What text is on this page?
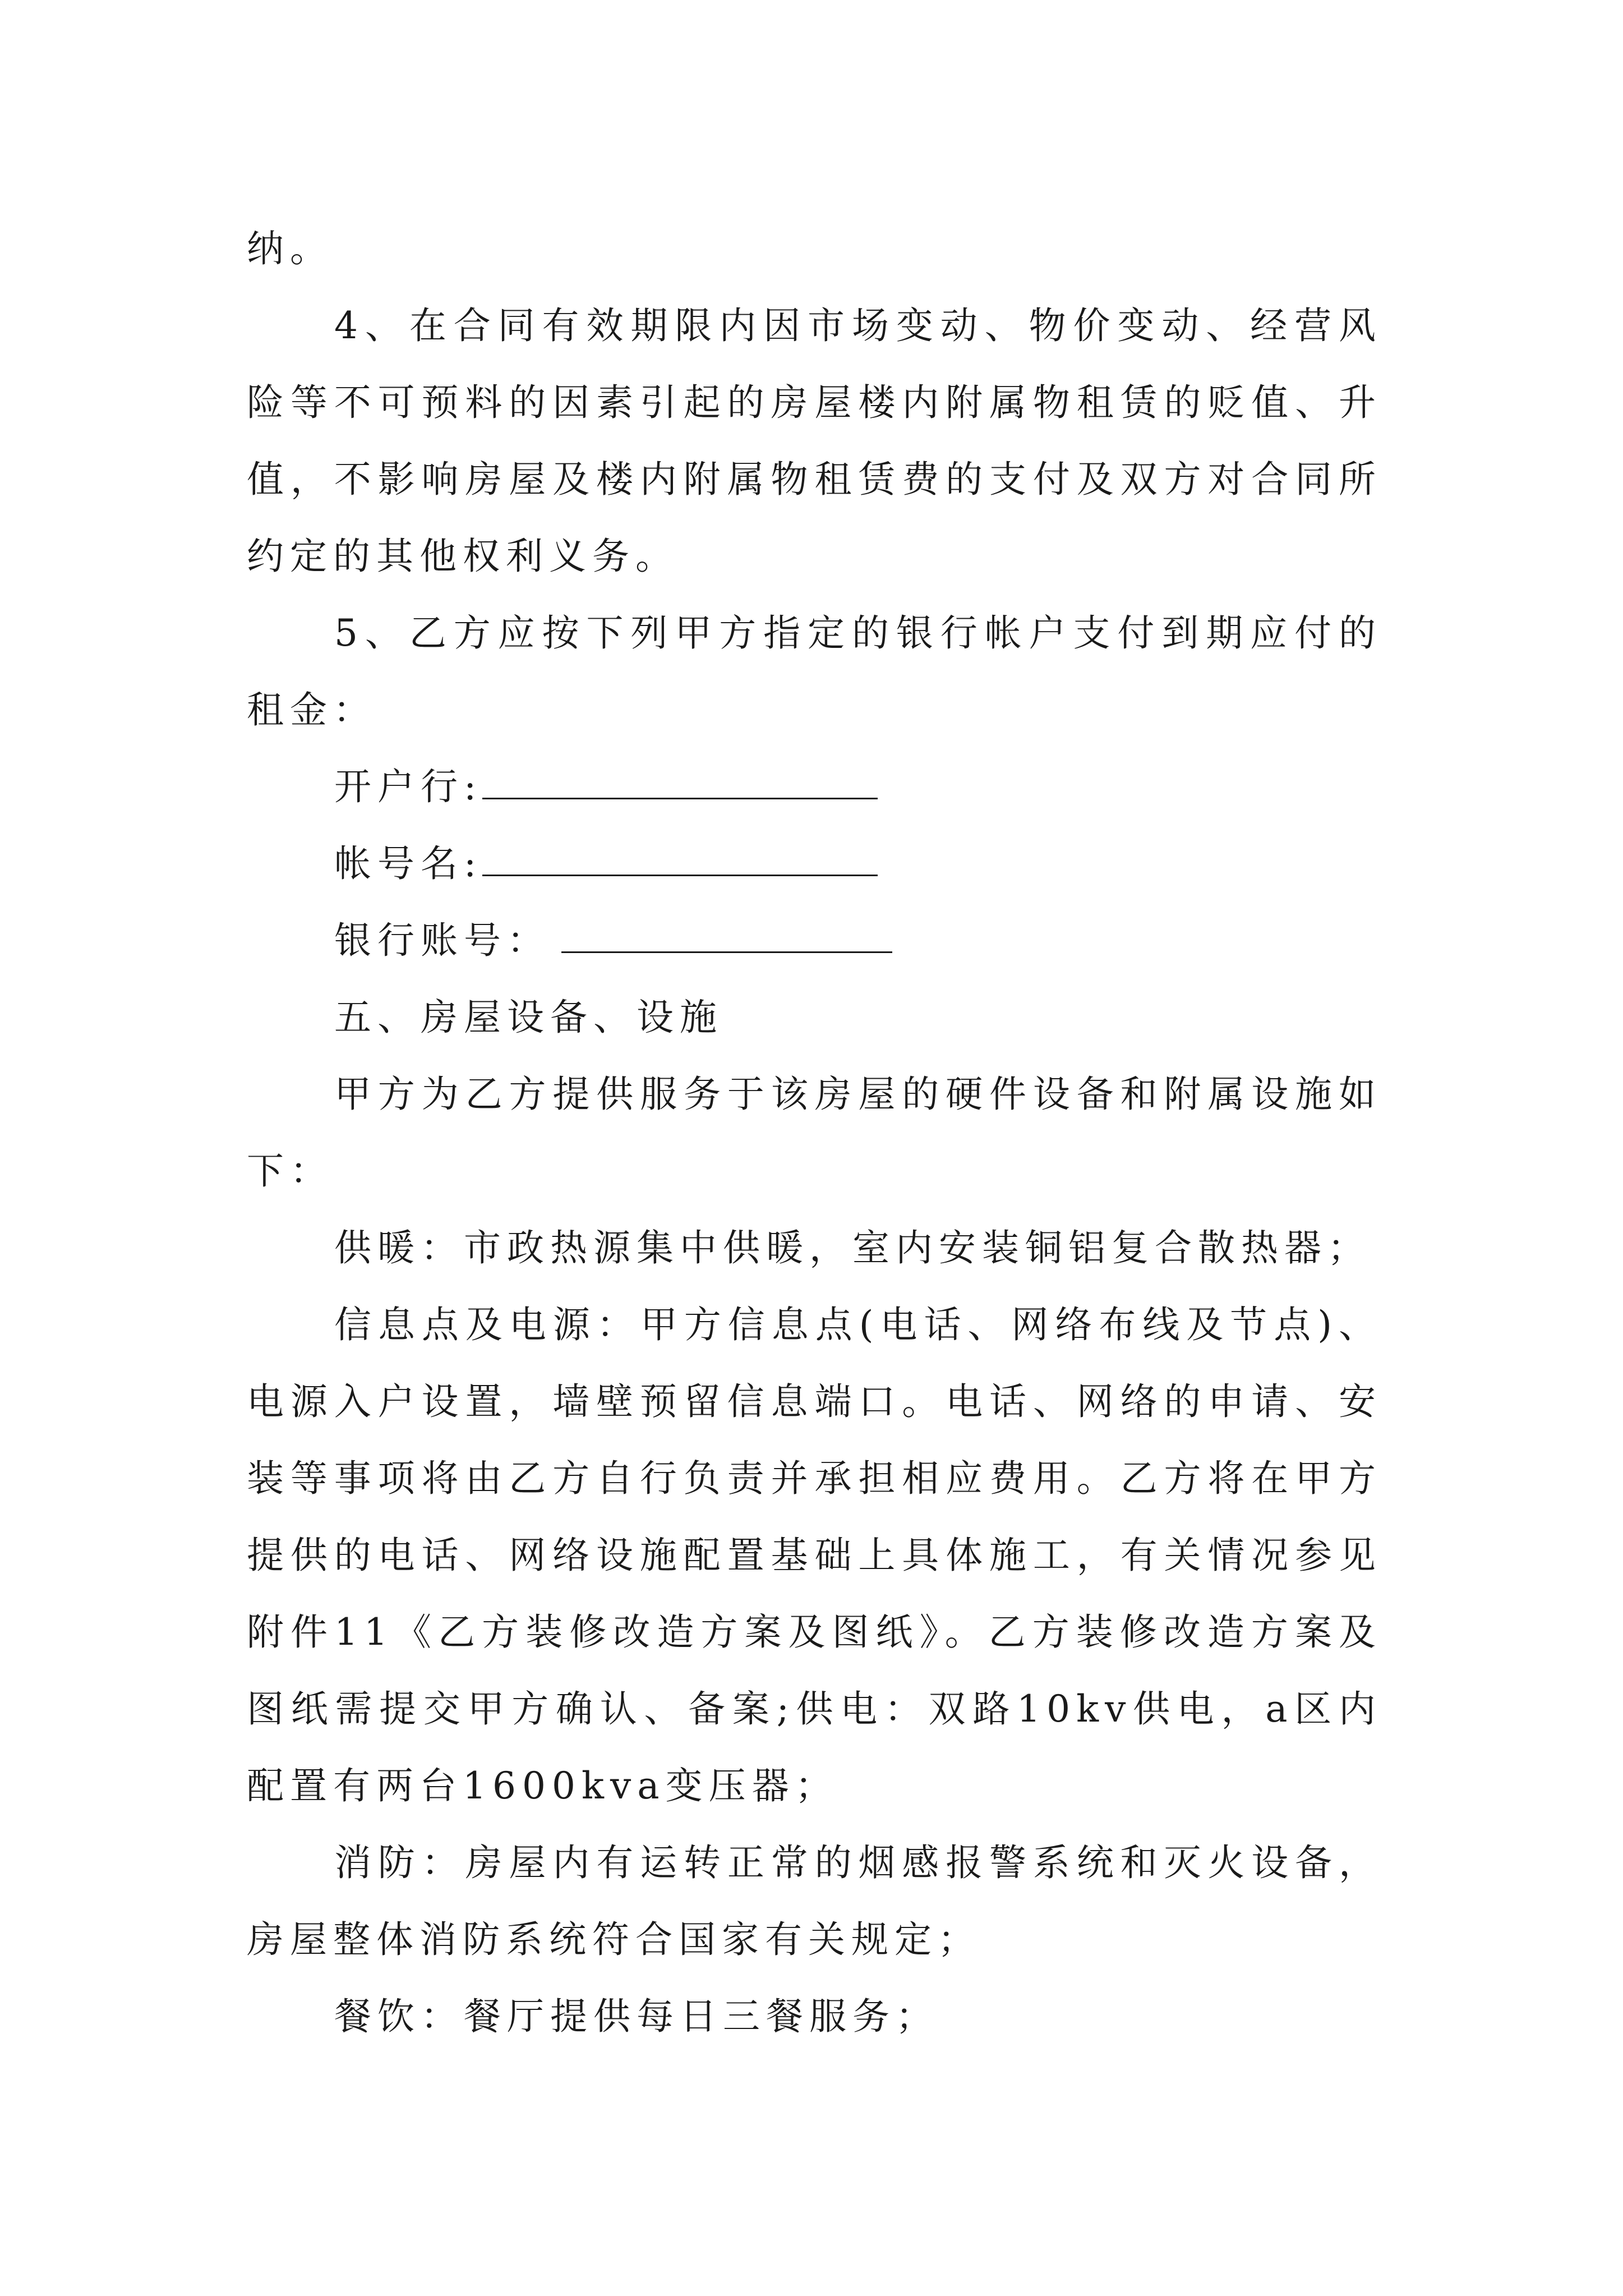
纳。

4、在合同有效期限内因市场变动、物价变动、经营风险等不可预料的因素引起的房屋楼内附属物租赁的贬值、升值，不影响房屋及楼内附属物租赁费的支付及双方对合同所约定的其他权利义务。

5、乙方应按下列甲方指定的银行帐户支付到期应付的租金：

开户行:
帐号名:
银行账号：

五、房屋设备、设施

甲方为乙方提供服务于该房屋的硬件设备和附属设施如下：

供暖：市政热源集中供暖，室内安装铜铝复合散热器；

信息点及电源：甲方信息点(电话、网络布线及节点)、电源入户设置，墙壁预留信息端口。电话、网络的申请、安装等事项将由乙方自行负责并承担相应费用。乙方将在甲方提供的电话、网络设施配置基础上具体施工，有关情况参见附件11《乙方装修改造方案及图纸》。乙方装修改造方案及图纸需提交甲方确认、备案;供电：双路10kv供电，a区内配置有两台1600kva变压器；

消防：房屋内有运转正常的烟感报警系统和灭火设备，房屋整体消防系统符合国家有关规定；

餐饮：餐厅提供每日三餐服务；
